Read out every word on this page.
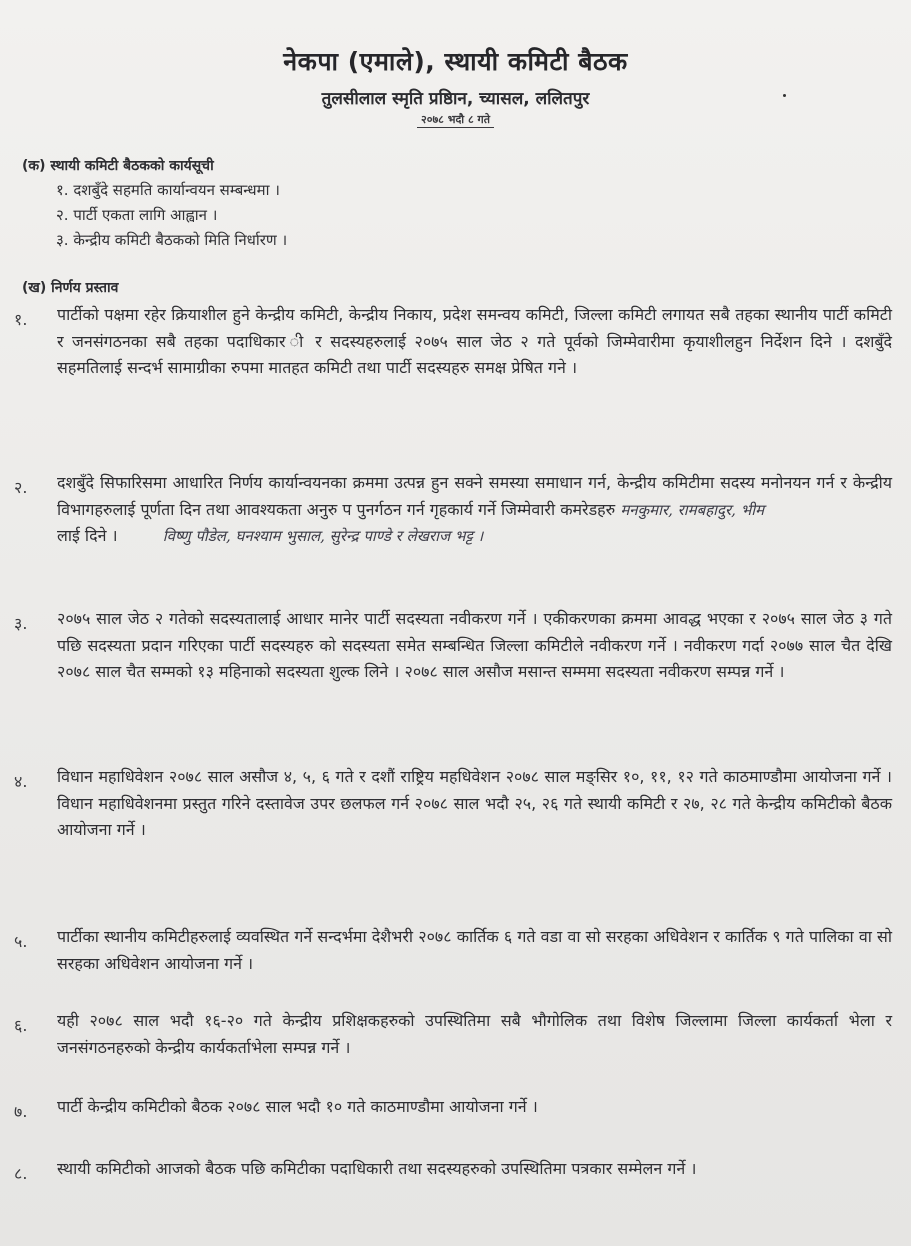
नेकपा (एमाले), स्थायी कमिटी बैठक
तुलसीलाल स्मृति प्रष्ठिान, च्यासल, ललितपुर
२०७८ भदौ ८ गते
(क) स्थायी कमिटी बैठकको कार्यसूची
१. दशबुँदे सहमति कार्यान्वयन सम्बन्धमा ।
२. पार्टी एकता लागि आह्वान ।
३. केन्द्रीय कमिटी बैठकको मिति निर्धारण ।
(ख) निर्णय प्रस्ताव
१. पार्टीको पक्षमा रहेर क्रियाशील हुने केन्द्रीय कमिटी, केन्द्रीय निकाय, प्रदेश समन्वय कमिटी, जिल्ला कमिटी लगायत सबै तहका स्थानीय पार्टी कमिटी र जनसंगठनका सबै तहका पदाधिकार ी र सदस्यहरुलाई २०७५ साल जेठ २ गते पूर्वको जिम्मेवारीमा कृयाशीलहुन निर्देशन दिने । दशबुँदे सहमतिलाई सन्दर्भ सामाग्रीका रुपमा मातहत कमिटी तथा पार्टी सदस्यहरु समक्ष प्रेषित गने ।
२. दशबुँदे सिफारिसमा आधारित निर्णय कार्यान्वयनका क्रममा उत्पन्न हुन सक्ने समस्या समाधान गर्न, केन्द्रीय कमिटीमा सदस्य मनोनयन गर्न र केन्द्रीय विभागहरुलाई पूर्णता दिन तथा आवश्यकता अनुरु प पुनर्गठन गर्न गृहकार्य गर्ने जिम्मेवारी कमरेडहरु मनकुमार, रामबहादुर, भीम
लाई दिने ।	विष्णु पौडेल, घनश्याम भुसाल, सुरेन्द्र पाण्डे र लेखराज भट्ट ।
३. २०७५ साल जेठ २ गतेको सदस्यतालाई आधार मानेर पार्टी सदस्यता नवीकरण गर्ने । एकीकरणका क्रममा आवद्ध भएका र २०७५ साल जेठ ३ गते पछि सदस्यता प्रदान गरिएका पार्टी सदस्यहरु को सदस्यता समेत सम्बन्धित जिल्ला कमिटीले नवीकरण गर्ने । नवीकरण गर्दा २०७७ साल चैत देखि २०७८ साल चैत सम्मको १३ महिनाको सदस्यता शुल्क लिने । २०७८ साल असौज मसान्त सम्ममा सदस्यता नवीकरण सम्पन्न गर्ने ।
४. विधान महाधिवेशन २०७८ साल असौज ४, ५, ६ गते र दशौं राष्ट्रिय महधिवेशन २०७८ साल मङ्सिर १०, ११, १२ गते काठमाण्डौमा आयोजना गर्ने । विधान महाधिवेशनमा प्रस्तुत गरिने दस्तावेज उपर छलफल गर्न २०७८ साल भदौ २५, २६ गते स्थायी कमिटी र २७, २८ गते केन्द्रीय कमिटीको बैठक आयोजना गर्ने ।
५. पार्टीका स्थानीय कमिटीहरुलाई व्यवस्थित गर्ने सन्दर्भमा देशैभरी २०७८ कार्तिक ६ गते वडा वा सो सरहका अधिवेशन र कार्तिक ९ गते पालिका वा सो सरहका अधिवेशन आयोजना गर्ने ।
६. यही २०७८ साल भदौ १६-२० गते केन्द्रीय प्रशिक्षकहरुको उपस्थितिमा सबै भौगोलिक तथा विशेष जिल्लामा जिल्ला कार्यकर्ता भेला र जनसंगठनहरुको केन्द्रीय कार्यकर्ताभेला सम्पन्न गर्ने ।
७. पार्टी केन्द्रीय कमिटीको बैठक २०७८ साल भदौ १० गते काठमाण्डौमा आयोजना गर्ने ।
८. स्थायी कमिटीको आजको बैठक पछि कमिटीका पदाधिकारी तथा सदस्यहरुको उपस्थितिमा पत्रकार सम्मेलन गर्ने ।
